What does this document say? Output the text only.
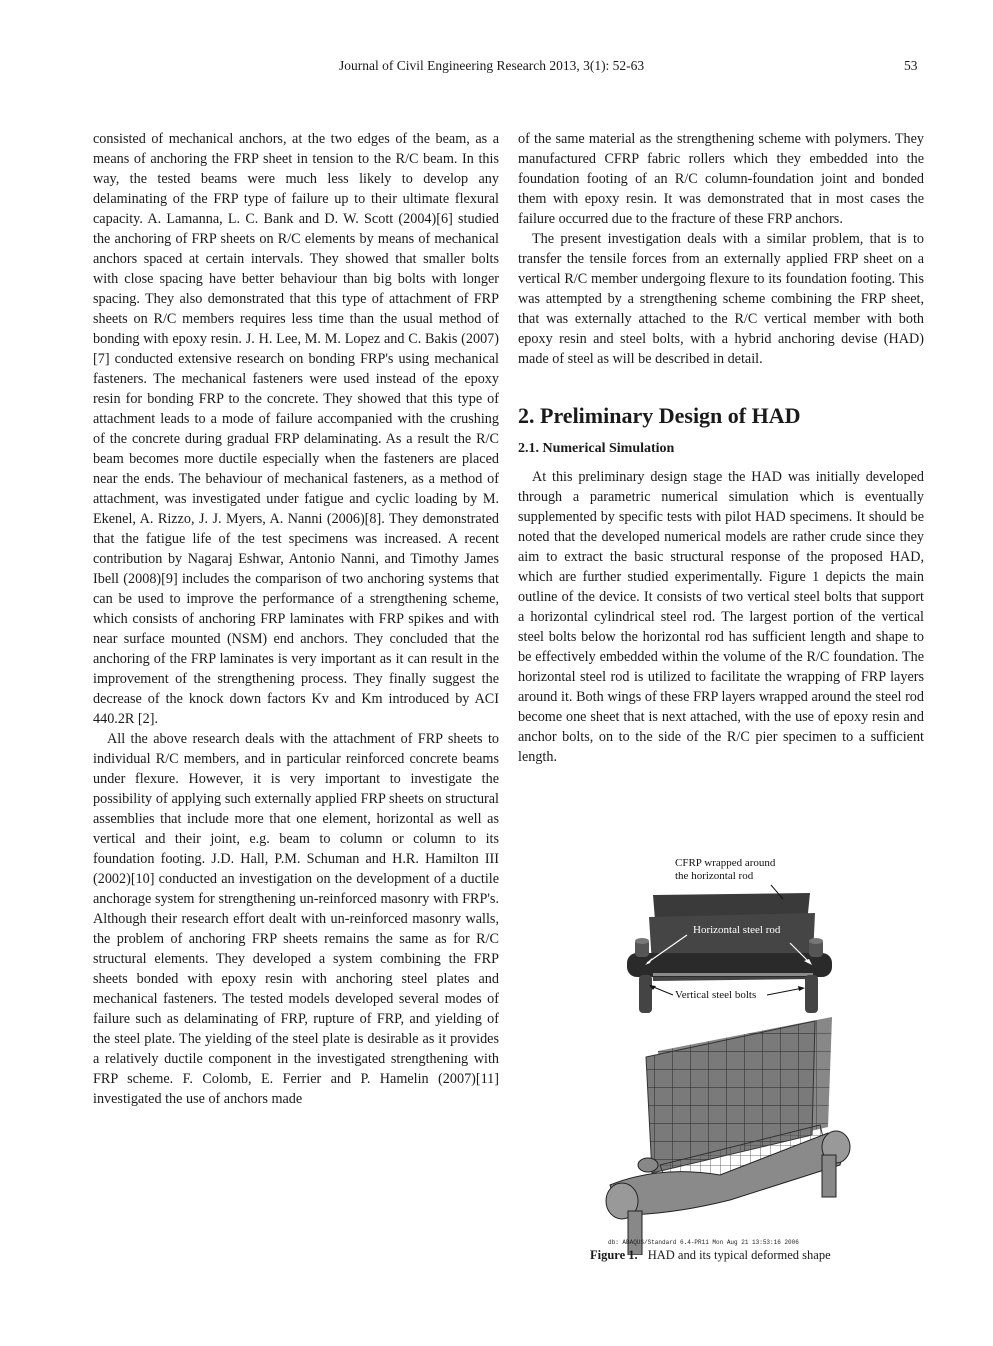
Journal of Civil Engineering Research 2013, 3(1): 52-63	53

consisted of mechanical anchors, at the two edges of the beam, as a means of anchoring the FRP sheet in tension to the R/C beam. In this way, the tested beams were much less likely to develop any delaminating of the FRP type of failure up to their ultimate flexural capacity. A. Lamanna, L. C. Bank and D. W. Scott (2004)[6] studied the anchoring of FRP sheets on R/C elements by means of mechanical anchors spaced at certain intervals. They showed that smaller bolts with close spacing have better behaviour than big bolts with longer spacing. They also demonstrated that this type of attachment of FRP sheets on R/C members requires less time than the usual method of bonding with epoxy resin. J. H. Lee, M. M. Lopez and C. Bakis (2007)[7] conducted extensive research on bonding FRP's using mechanical fasteners. The mechanical fasteners were used instead of the epoxy resin for bonding FRP to the concrete. They showed that this type of attachment leads to a mode of failure accompanied with the crushing of the concrete during gradual FRP delaminating. As a result the R/C beam becomes more ductile especially when the fasteners are placed near the ends. The behaviour of mechanical fasteners, as a method of attachment, was investigated under fatigue and cyclic loading by M. Ekenel, A. Rizzo, J. J. Myers, A. Nanni (2006)[8]. They demonstrated that the fatigue life of the test specimens was increased. A recent contribution by Nagaraj Eshwar, Antonio Nanni, and Timothy James Ibell (2008)[9] includes the comparison of two anchoring systems that can be used to improve the performance of a strengthening scheme, which consists of anchoring FRP laminates with FRP spikes and with near surface mounted (NSM) end anchors. They concluded that the anchoring of the FRP laminates is very important as it can result in the improvement of the strengthening process. They finally suggest the decrease of the knock down factors Kv and Km introduced by ACI 440.2R [2].

All the above research deals with the attachment of FRP sheets to individual R/C members, and in particular reinforced concrete beams under flexure. However, it is very important to investigate the possibility of applying such externally applied FRP sheets on structural assemblies that include more that one element, horizontal as well as vertical and their joint, e.g. beam to column or column to its foundation footing. J.D. Hall, P.M. Schuman and H.R. Hamilton III (2002)[10] conducted an investigation on the development of a ductile anchorage system for strengthening un-reinforced masonry with FRP's. Although their research effort dealt with un-reinforced masonry walls, the problem of anchoring FRP sheets remains the same as for R/C structural elements. They developed a system combining the FRP sheets bonded with epoxy resin with anchoring steel plates and mechanical fasteners. The tested models developed several modes of failure such as delaminating of FRP, rupture of FRP, and yielding of the steel plate. The yielding of the steel plate is desirable as it provides a relatively ductile component in the investigated strengthening with FRP scheme. F. Colomb, E. Ferrier and P. Hamelin (2007)[11] investigated the use of anchors made

of the same material as the strengthening scheme with polymers. They manufactured CFRP fabric rollers which they embedded into the foundation footing of an R/C column-foundation joint and bonded them with epoxy resin. It was demonstrated that in most cases the failure occurred due to the fracture of these FRP anchors.

The present investigation deals with a similar problem, that is to transfer the tensile forces from an externally applied FRP sheet on a vertical R/C member undergoing flexure to its foundation footing. This was attempted by a strengthening scheme combining the FRP sheet, that was externally attached to the R/C vertical member with both epoxy resin and steel bolts, with a hybrid anchoring devise (HAD) made of steel as will be described in detail.

2. Preliminary Design of HAD
2.1. Numerical Simulation

At this preliminary design stage the HAD was initially developed through a parametric numerical simulation which is eventually supplemented by specific tests with pilot HAD specimens. It should be noted that the developed numerical models are rather crude since they aim to extract the basic structural response of the proposed HAD, which are further studied experimentally. Figure 1 depicts the main outline of the device. It consists of two vertical steel bolts that support a horizontal cylindrical steel rod. The largest portion of the vertical steel bolts below the horizontal rod has sufficient length and shape to be effectively embedded within the volume of the R/C foundation. The horizontal steel rod is utilized to facilitate the wrapping of FRP layers around it. Both wings of these FRP layers wrapped around the steel rod become one sheet that is next attached, with the use of epoxy resin and anchor bolts, on to the side of the R/C pier specimen to a sufficient length.

CFRP wrapped around
the horizontal rod
Horizontal steel rod
Vertical steel bolts
db: ABAQUS/Standard 6.4-PR11 Mon Aug 21 13:53:16 2006
Figure 1. HAD and its typical deformed shape
